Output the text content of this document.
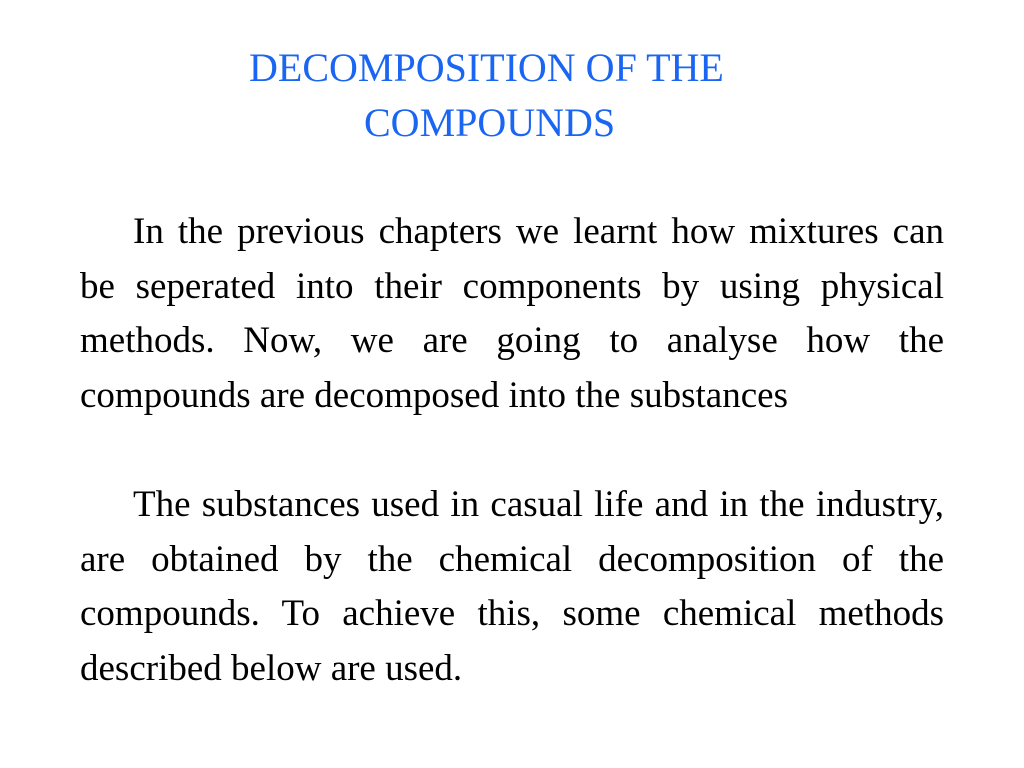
DECOMPOSITION OF THE
COMPOUNDS

In the previous chapters we learnt how mixtures can be seperated into their components by using physical methods. Now, we are going to analyse how the compounds are decomposed into the substances

The substances used in casual life and in the industry, are obtained by the chemical decomposition of the compounds. To achieve this, some chemical methods described below are used.
